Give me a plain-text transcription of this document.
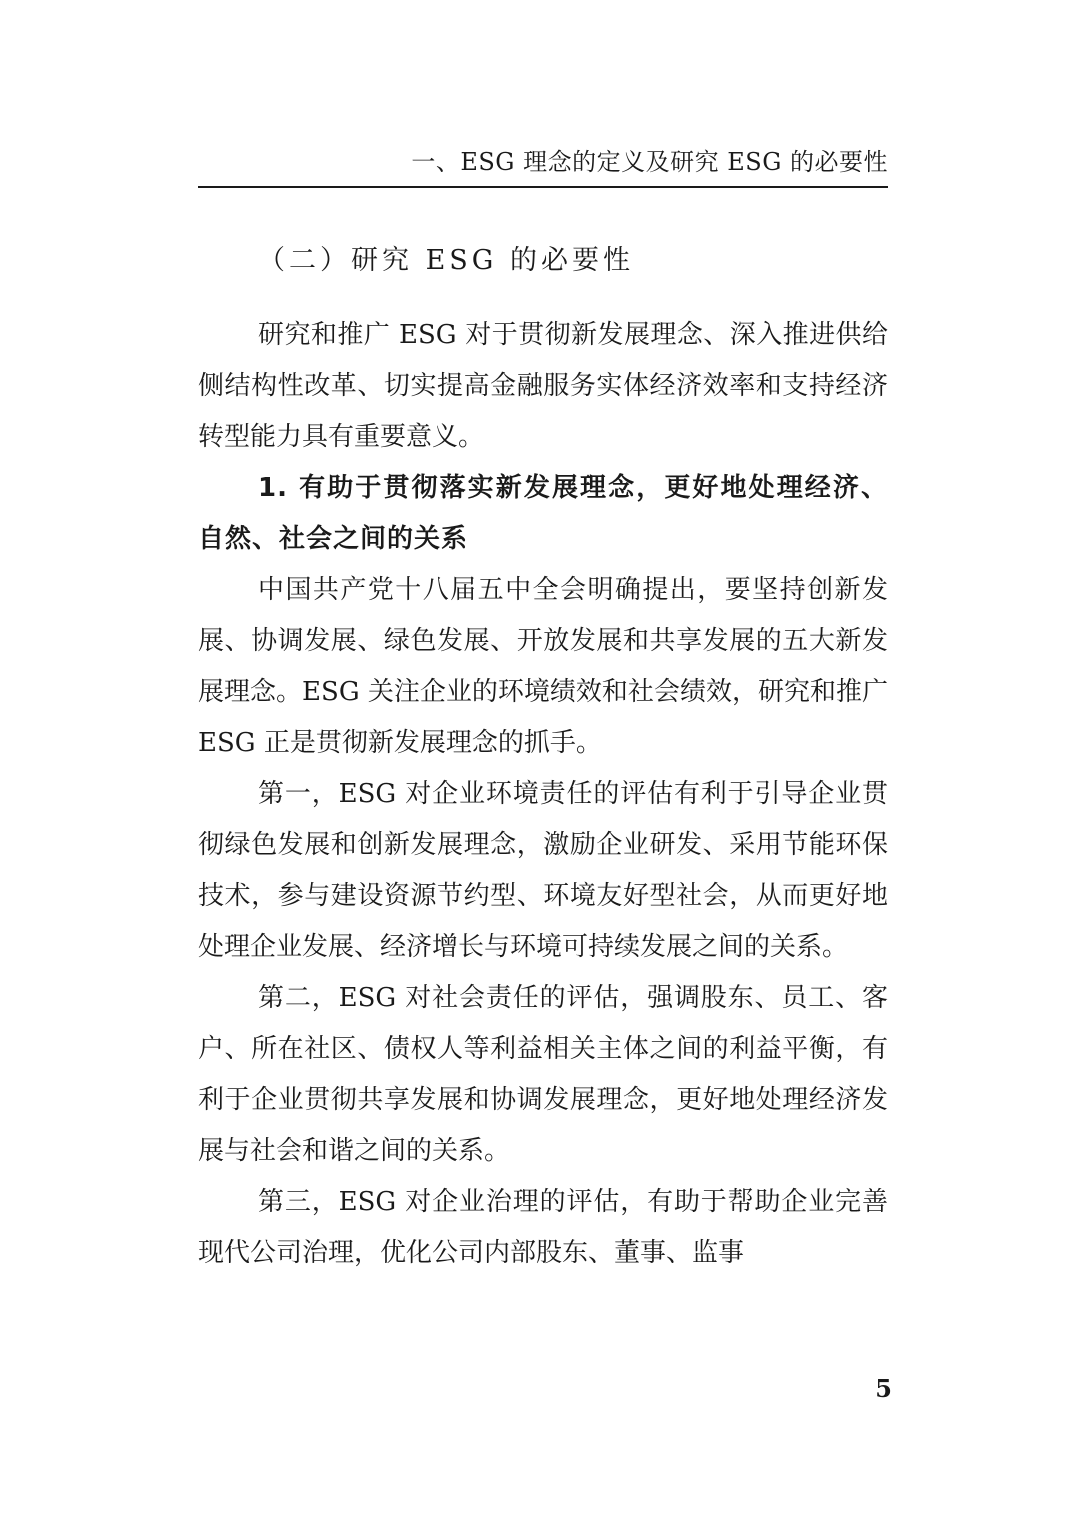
一、ESG 理念的定义及研究 ESG 的必要性
（二）研究 ESG 的必要性

研究和推广 ESG 对于贯彻新发展理念、深入推进供给侧结构性改革、切实提高金融服务实体经济效率和支持经济转型能力具有重要意义。

1. 有助于贯彻落实新发展理念，更好地处理经济、自然、社会之间的关系

中国共产党十八届五中全会明确提出，要坚持创新发展、协调发展、绿色发展、开放发展和共享发展的五大新发展理念。ESG 关注企业的环境绩效和社会绩效，研究和推广 ESG 正是贯彻新发展理念的抓手。

第一，ESG 对企业环境责任的评估有利于引导企业贯彻绿色发展和创新发展理念，激励企业研发、采用节能环保技术，参与建设资源节约型、环境友好型社会，从而更好地处理企业发展、经济增长与环境可持续发展之间的关系。

第二，ESG 对社会责任的评估，强调股东、员工、客户、所在社区、债权人等利益相关主体之间的利益平衡，有利于企业贯彻共享发展和协调发展理念，更好地处理经济发展与社会和谐之间的关系。

第三，ESG 对企业治理的评估，有助于帮助企业完善现代公司治理，优化公司内部股东、董事、监事

5
